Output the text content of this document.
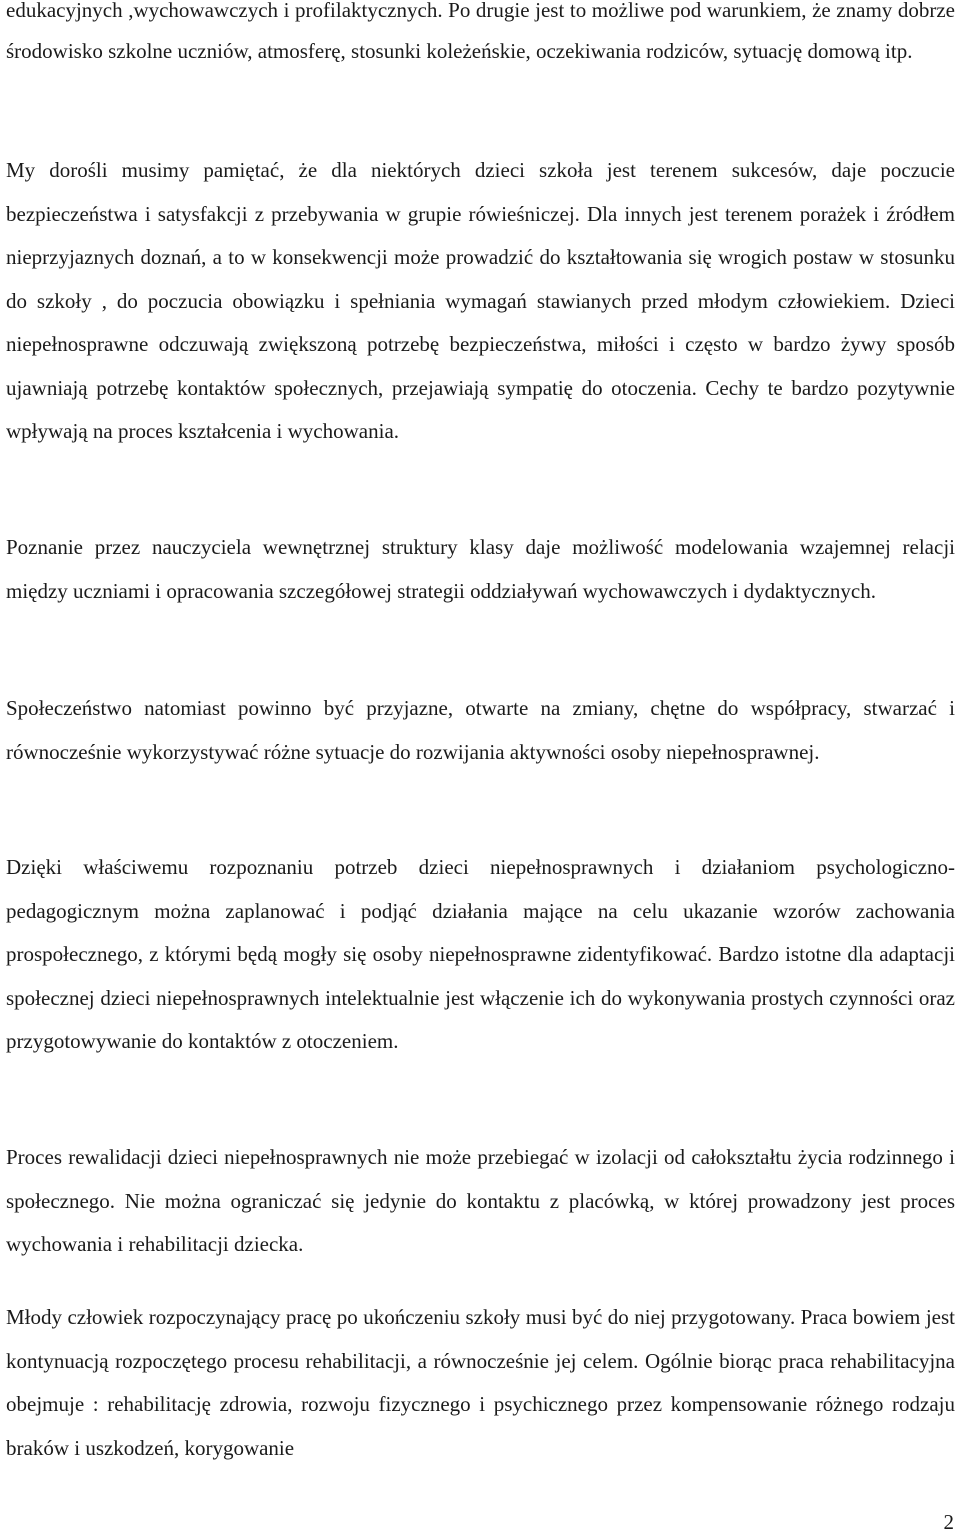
edukacyjnych ,wychowawczych i profilaktycznych. Po drugie jest to możliwe pod warunkiem, że znamy dobrze środowisko szkolne uczniów, atmosferę, stosunki koleżeńskie, oczekiwania rodziców, sytuację domową itp.

My dorośli musimy pamiętać, że dla niektórych dzieci szkoła jest terenem sukcesów, daje poczucie bezpieczeństwa i satysfakcji z przebywania w grupie rówieśniczej. Dla innych jest terenem porażek i źródłem nieprzyjaznych doznań, a to w konsekwencji może prowadzić do kształtowania się wrogich postaw w stosunku do szkoły , do poczucia obowiązku i spełniania wymagań stawianych przed młodym człowiekiem. Dzieci niepełnosprawne odczuwają zwiększoną potrzebę bezpieczeństwa, miłości i często w bardzo żywy sposób ujawniają potrzebę kontaktów społecznych, przejawiają sympatię do otoczenia. Cechy te bardzo pozytywnie wpływają na proces kształcenia i wychowania.

Poznanie przez nauczyciela wewnętrznej struktury klasy daje możliwość modelowania wzajemnej relacji między uczniami i opracowania szczegółowej strategii oddziaływań wychowawczych i dydaktycznych.

Społeczeństwo natomiast powinno być przyjazne, otwarte na zmiany, chętne do współpracy, stwarzać i równocześnie wykorzystywać różne sytuacje do rozwijania aktywności osoby niepełnosprawnej.

Dzięki właściwemu rozpoznaniu potrzeb dzieci niepełnosprawnych i działaniom psychologiczno-pedagogicznym można zaplanować i podjąć działania mające na celu ukazanie wzorów zachowania prospołecznego, z którymi będą mogły się osoby niepełnosprawne zidentyfikować. Bardzo istotne dla adaptacji społecznej dzieci niepełnosprawnych intelektualnie jest włączenie ich do wykonywania prostych czynności oraz przygotowywanie do kontaktów z otoczeniem.

Proces rewalidacji dzieci niepełnosprawnych nie może przebiegać w izolacji od całokształtu życia rodzinnego i społecznego. Nie można ograniczać się jedynie do kontaktu z placówką, w której prowadzony jest proces wychowania i rehabilitacji dziecka.

Młody człowiek rozpoczynający pracę po ukończeniu szkoły musi być do niej przygotowany. Praca bowiem jest kontynuacją rozpoczętego procesu rehabilitacji, a równocześnie jej celem. Ogólnie biorąc praca rehabilitacyjna obejmuje : rehabilitację zdrowia, rozwoju fizycznego i psychicznego przez kompensowanie różnego rodzaju braków i uszkodzeń, korygowanie

2
